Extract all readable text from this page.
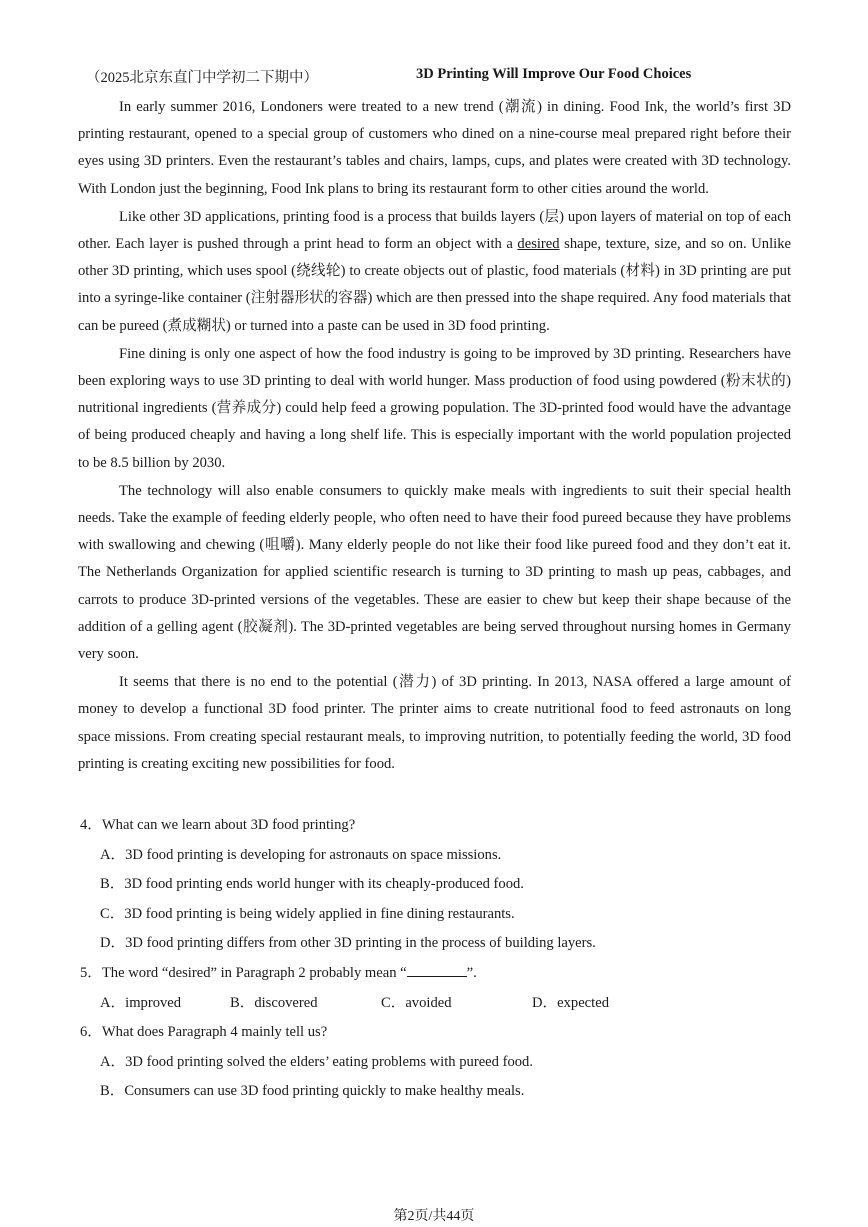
（2025北京东直门中学初二下期中）	3D Printing Will Improve Our Food Choices

In early summer 2016, Londoners were treated to a new trend (潮流) in dining. Food Ink, the world’s first 3D printing restaurant, opened to a special group of customers who dined on a nine-course meal prepared right before their eyes using 3D printers. Even the restaurant’s tables and chairs, lamps, cups, and plates were created with 3D technology. With London just the beginning, Food Ink plans to bring its restaurant form to other cities around the world.

Like other 3D applications, printing food is a process that builds layers (层) upon layers of material on top of each other. Each layer is pushed through a print head to form an object with a desired shape, texture, size, and so on. Unlike other 3D printing, which uses spool (绕线轮) to create objects out of plastic, food materials (材料) in 3D printing are put into a syringe-like container (注射器形状的容器) which are then pressed into the shape required. Any food materials that can be pureed (煮成糊状) or turned into a paste can be used in 3D food printing.

Fine dining is only one aspect of how the food industry is going to be improved by 3D printing. Researchers have been exploring ways to use 3D printing to deal with world hunger. Mass production of food using powdered (粉末状的) nutritional ingredients (营养成分) could help feed a growing population. The 3D-printed food would have the advantage of being produced cheaply and having a long shelf life. This is especially important with the world population projected to be 8.5 billion by 2030.

The technology will also enable consumers to quickly make meals with ingredients to suit their special health needs. Take the example of feeding elderly people, who often need to have their food pureed because they have problems with swallowing and chewing (咀嚼). Many elderly people do not like their food like pureed food and they don’t eat it. The Netherlands Organization for applied scientific research is turning to 3D printing to mash up peas, cabbages, and carrots to produce 3D-printed versions of the vegetables. These are easier to chew but keep their shape because of the addition of a gelling agent (胶凝剂). The 3D-printed vegetables are being served throughout nursing homes in Germany very soon.

It seems that there is no end to the potential (潜力) of 3D printing. In 2013, NASA offered a large amount of money to develop a functional 3D food printer. The printer aims to create nutritional food to feed astronauts on long space missions. From creating special restaurant meals, to improving nutrition, to potentially feeding the world, 3D food printing is creating exciting new possibilities for food.

4．What can we learn about 3D food printing?
A．3D food printing is developing for astronauts on space missions.
B．3D food printing ends world hunger with its cheaply-produced food.
C．3D food printing is being widely applied in fine dining restaurants.
D．3D food printing differs from other 3D printing in the process of building layers.
5．The word “desired” in Paragraph 2 probably mean “	”.
A．improved	B．discovered	C．avoided	D．expected
6．What does Paragraph 4 mainly tell us?
A．3D food printing solved the elders’ eating problems with pureed food.
B．Consumers can use 3D food printing quickly to make healthy meals.
第2页/共44页
